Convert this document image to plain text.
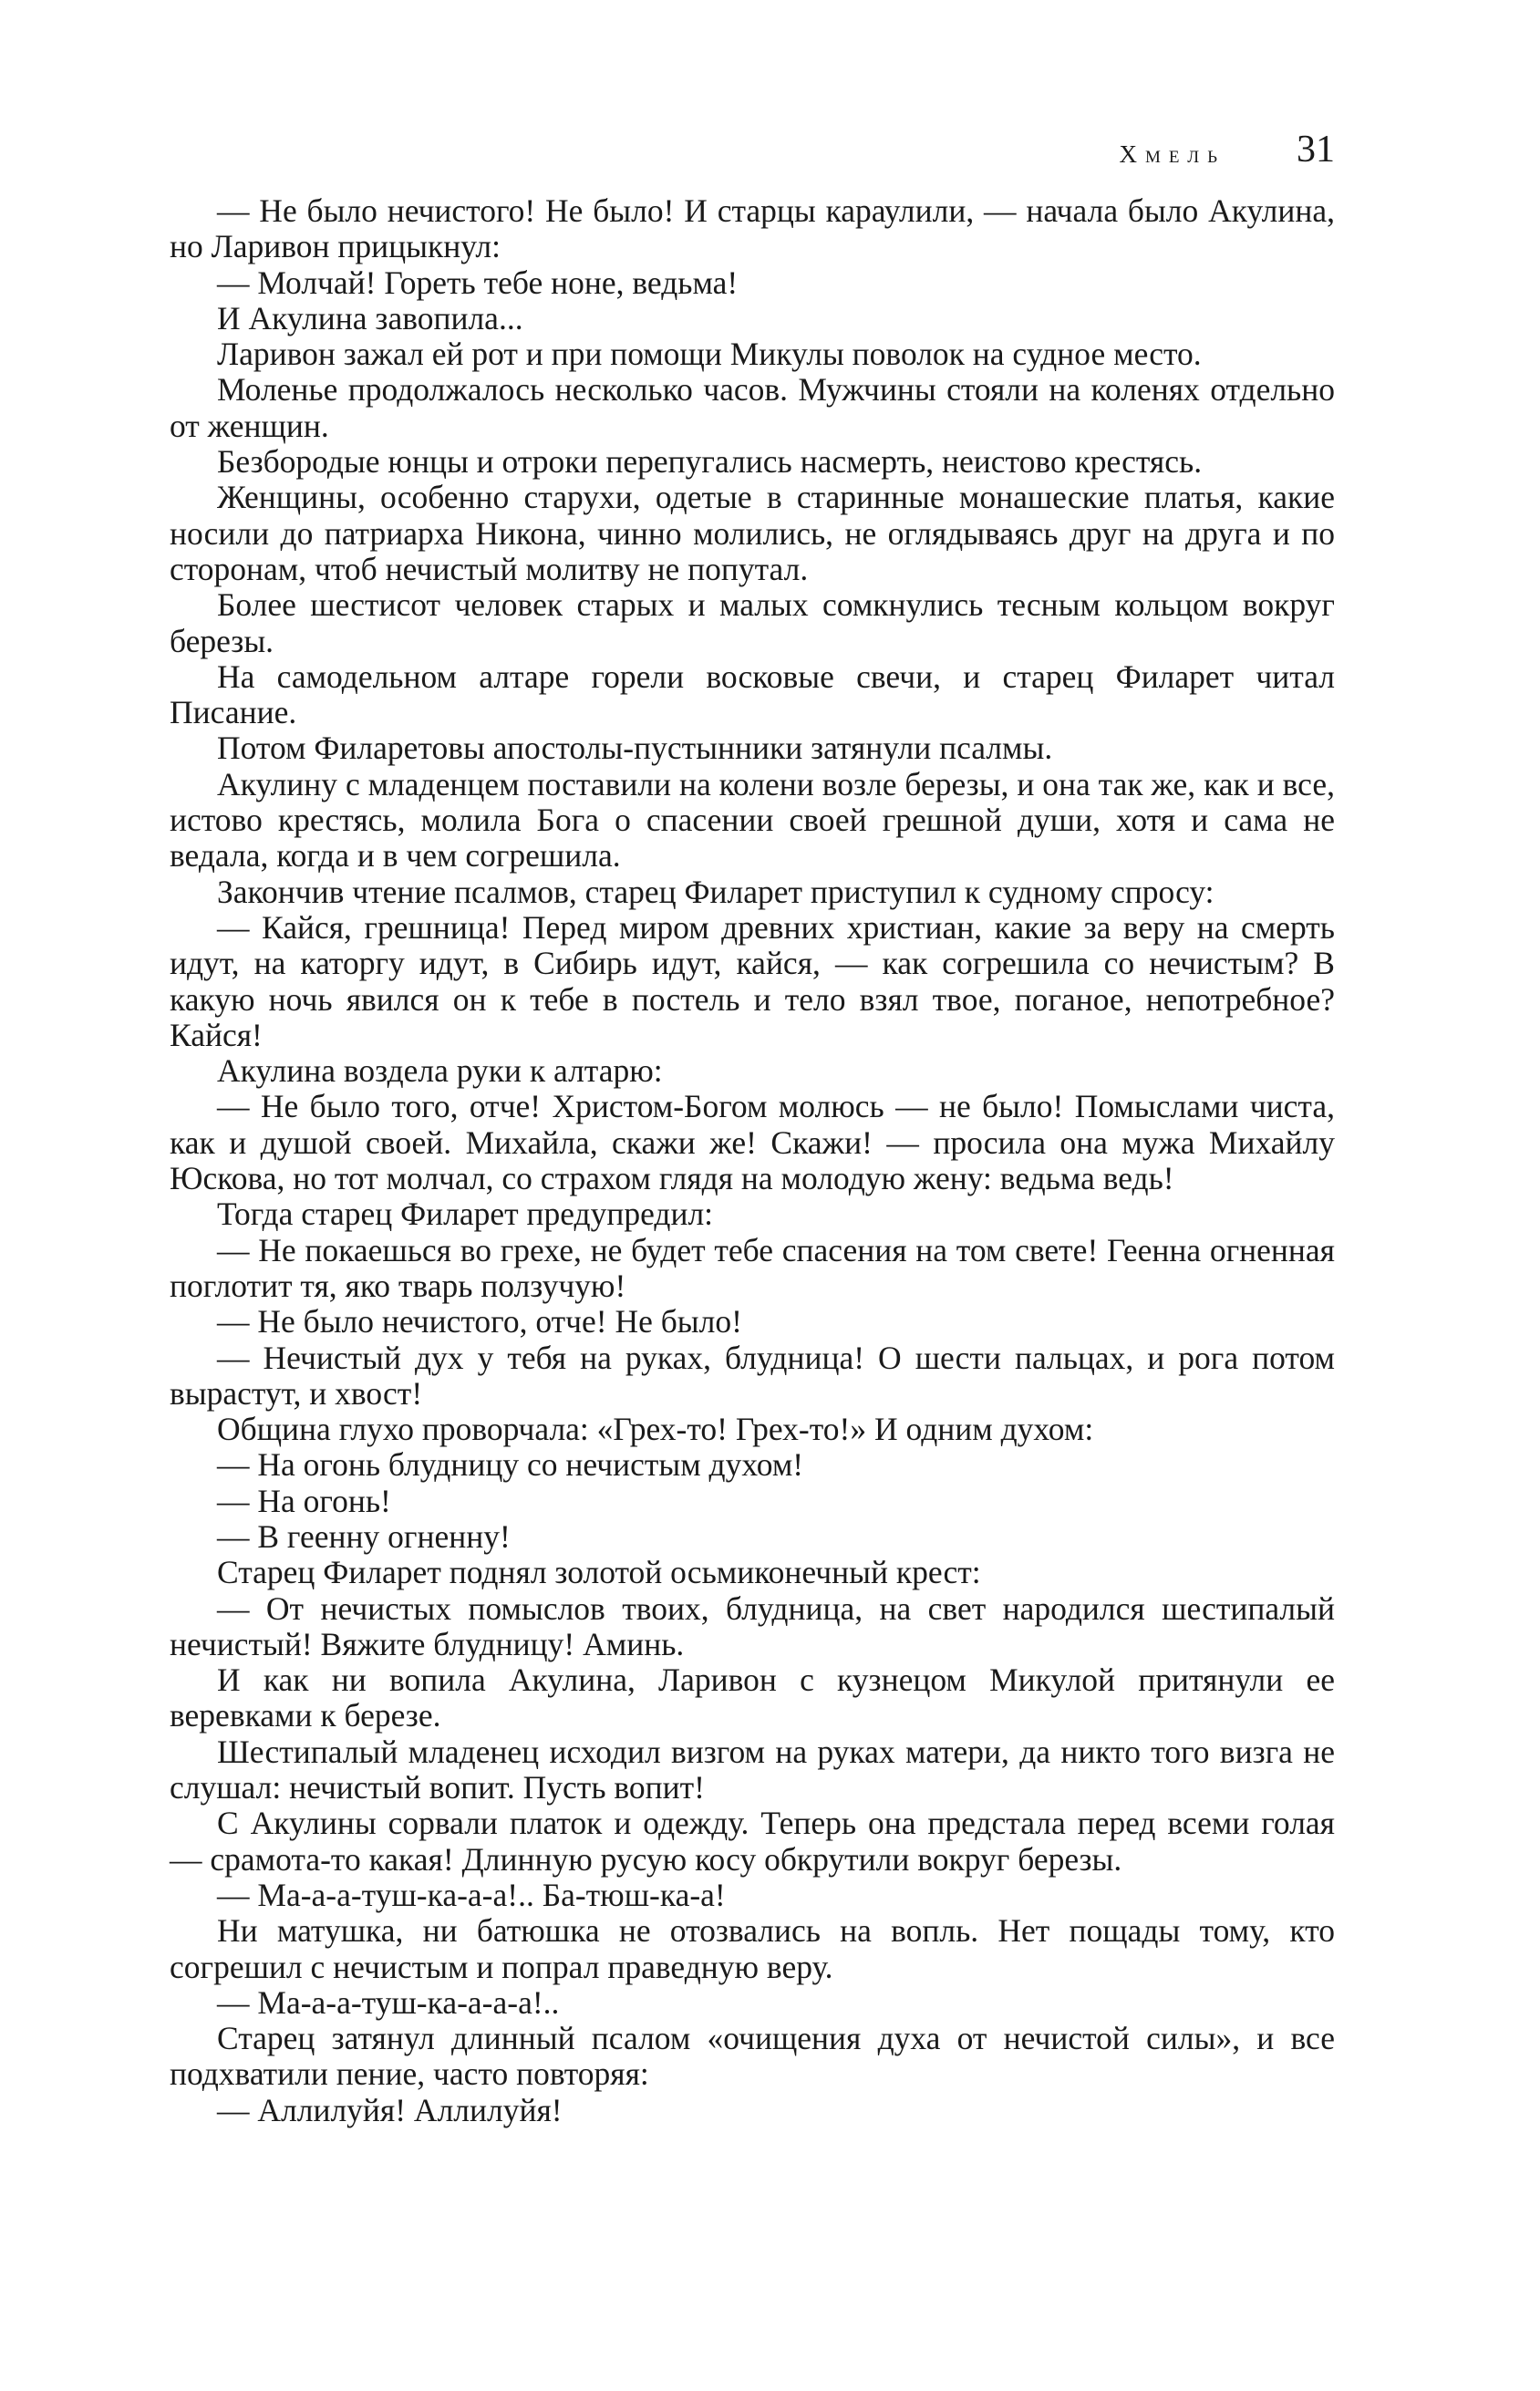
Хмель 31

— Не было нечистого! Не было! И старцы караулили, — начала было Акулина, но Ларивон прицыкнул:

— Молчай! Гореть тебе ноне, ведьма!

И Акулина завопила...

Ларивон зажал ей рот и при помощи Микулы поволок на судное место.

Моленье продолжалось несколько часов. Мужчины стояли на коленях отдельно от женщин.

Безбородые юнцы и отроки перепугались насмерть, неистово крестясь.

Женщины, особенно старухи, одетые в старинные монашеские платья, какие носили до патриарха Никона, чинно молились, не оглядываясь друг на друга и по сторонам, чтоб нечистый молитву не попутал.

Более шестисот человек старых и малых сомкнулись тесным кольцом вокруг березы.

На самодельном алтаре горели восковые свечи, и старец Филарет читал Писание.

Потом Филаретовы апостолы-пустынники затянули псалмы.

Акулину с младенцем поставили на колени возле березы, и она так же, как и все, истово крестясь, молила Бога о спасении своей грешной души, хотя и сама не ведала, когда и в чем согрешила.

Закончив чтение псалмов, старец Филарет приступил к судному спросу:

— Кайся, грешница! Перед миром древних христиан, какие за веру на смерть идут, на каторгу идут, в Сибирь идут, кайся, — как согрешила со нечистым? В какую ночь явился он к тебе в постель и тело взял твое, поганое, непотребное? Кайся!

Акулина воздела руки к алтарю:

— Не было того, отче! Христом-Богом молюсь — не было! Помыслами чиста, как и душой своей. Михайла, скажи же! Скажи! — просила она мужа Михайлу Юскова, но тот молчал, со страхом глядя на молодую жену: ведьма ведь!

Тогда старец Филарет предупредил:

— Не покаешься во грехе, не будет тебе спасения на том свете! Геенна огненная поглотит тя, яко тварь ползучую!

— Не было нечистого, отче! Не было!

— Нечистый дух у тебя на руках, блудница! О шести пальцах, и рога потом вырастут, и хвост!

Община глухо проворчала: «Грех-то! Грех-то!» И одним духом:

— На огонь блудницу со нечистым духом!

— На огонь!

— В геенну огненну!

Старец Филарет поднял золотой осьмиконечный крест:

— От нечистых помыслов твоих, блудница, на свет народился шестипалый нечистый! Вяжите блудницу! Аминь.

И как ни вопила Акулина, Ларивон с кузнецом Микулой притянули ее веревками к березе.

Шестипалый младенец исходил визгом на руках матери, да никто того визга не слушал: нечистый вопит. Пусть вопит!

С Акулины сорвали платок и одежду. Теперь она предстала перед всеми голая — срамота-то какая! Длинную русую косу обкрутили вокруг березы.

— Ма-а-а-туш-ка-а-а!.. Ба-тюш-ка-а!

Ни матушка, ни батюшка не отозвались на вопль. Нет пощады тому, кто согрешил с нечистым и попрал праведную веру.

— Ма-а-а-туш-ка-а-а-а!..

Старец затянул длинный псалом «очищения духа от нечистой силы», и все подхватили пение, часто повторяя:

— Аллилуйя! Аллилуйя!
